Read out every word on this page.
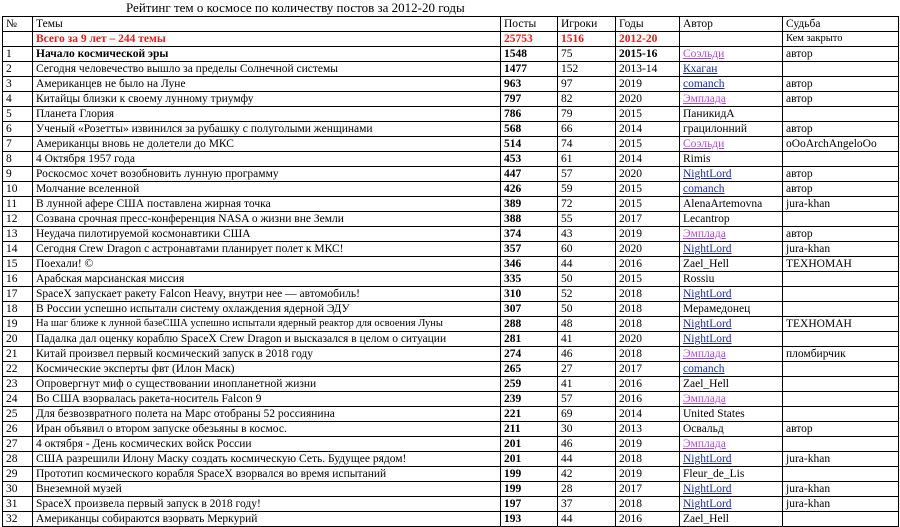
Рейтинг тем о космосе по количеству постов за 2012-20 годы
№	Темы	Посты	Игроки	Годы	Автор	Судьба
	Всего за 9 лет – 244 темы	25753	1516	2012-20		Кем закрыто
1	Начало космической эры	1548	75	2015-16	Соэльди	автор
2	Сегодня человечество вышло за пределы Солнечной системы	1477	152	2013-14	Кхаган	
3	Американцев не было на Луне	963	97	2019	comanch	автор
4	Китайцы близки к своему лунному триумфу	797	82	2020	Эмплада	автор
5	Планета Глория	786	79	2015	ПаникидА	
6	Ученый «Розетты» извинился за рубашку с полуголыми женщинами	568	66	2014	грацилонний	автор
7	Американцы вновь не долетели до МКС	514	74	2015	Соэльди	oOoArchAngeloOo
8	4 Октября 1957 года	453	61	2014	Rimis	
9	Роскосмос хочет возобновить лунную программу	447	57	2020	NightLord	автор
10	Молчание вселенной	426	59	2015	comanch	автор
11	В лунной афере США поставлена жирная точка	389	72	2015	AlenaArtemovna	jura-khan
12	Созвана срочная пресс-конференция NASA о жизни вне Земли	388	55	2017	Lecantrop	
13	Неудача пилотируемой космонавтики США	374	43	2019	Эмплада	автор
14	Сегодня Crew Dragon с астронавтами планирует полет к МКС!	357	60	2020	NightLord	jura-khan
15	Поехали! ©	346	44	2016	Zael_Hell	ТЕХНОМАН
16	Арабская марсианская миссия	335	50	2015	Rossiu	
17	SpaceX запускает ракету Falcon Heavy, внутри нее — автомобиль!	310	52	2018	NightLord	
18	В России успешно испытали систему охлаждения ядерной ЭДУ	307	50	2018	Мерамедонец	
19	На шаг ближе к лунной базеСША успешно испытали ядерный реактор для освоения Луны	288	48	2018	NightLord	ТЕХНОМАН
20	Падалка дал оценку кораблю SpaceX Crew Dragon и высказался в целом о ситуации	281	41	2020	NightLord	
21	Китай произвел первый космический запуск в 2018 году	274	46	2018	Эмплада	пломбирчик
22	Космические эксперты фвт (Илон Маск)	265	27	2017	comanch	
23	Опровергнут миф о существовании инопланетной жизни	259	41	2016	Zael_Hell	
24	Во США взорвалась ракета-носитель Falcon 9	239	57	2016	Эмплада	
25	Для безвозвратного полета на Марс отобраны 52 россиянина	221	69	2014	United States	
26	Иран объявил о втором запуске обезьяны в космос.	211	30	2013	Освальд	автор
27	4 октября - День космических войск России	201	46	2019	Эмплада	
28	США разрешили Илону Маску создать космическую Сеть. Будущее рядом!	201	44	2018	NightLord	jura-khan
29	Прототип космического корабля SpaceX взорвался во время испытаний	199	42	2019	Fleur_de_Lis	
30	Внеземной музей	199	28	2017	NightLord	jura-khan
31	SpaceX произвела первый запуск в 2018 году!	197	37	2018	NightLord	jura-khan
32	Американцы собираются взорвать Меркурий	193	44	2016	Zael_Hell	
